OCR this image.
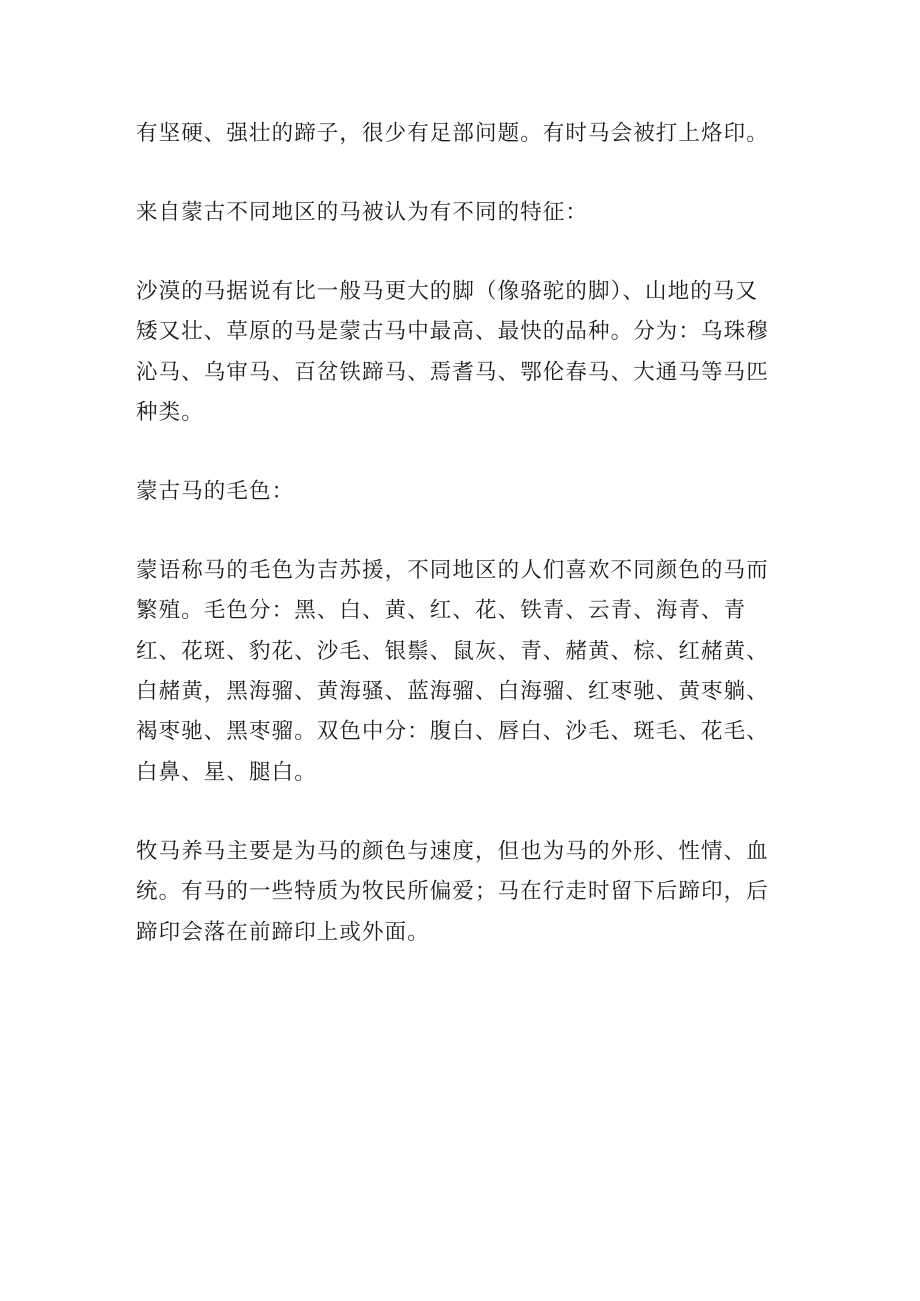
有坚硬、强壮的蹄子，很少有足部问题。有时马会被打上烙印。

来自蒙古不同地区的马被认为有不同的特征：

沙漠的马据说有比一般马更大的脚（像骆驼的脚）、山地的马又
矮又壮、草原的马是蒙古马中最高、最快的品种。分为：乌珠穆
沁马、乌审马、百岔铁蹄马、焉耆马、鄂伦春马、大通马等马匹
种类。

蒙古马的毛色：

蒙语称马的毛色为吉苏援，不同地区的人们喜欢不同颜色的马而
繁殖。毛色分：黑、白、黄、红、花、铁青、云青、海青、青
红、花斑、豹花、沙毛、银鬃、鼠灰、青、赭黄、棕、红赭黄、
白赭黄，黑海骝、黄海骚、蓝海骝、白海骝、红枣驰、黄枣躺、
褐枣驰、黑枣骝。双色中分：腹白、唇白、沙毛、斑毛、花毛、
白鼻、星、腿白。

牧马养马主要是为马的颜色与速度，但也为马的外形、性情、血
统。有马的一些特质为牧民所偏爱；马在行走时留下后蹄印，后
蹄印会落在前蹄印上或外面。
